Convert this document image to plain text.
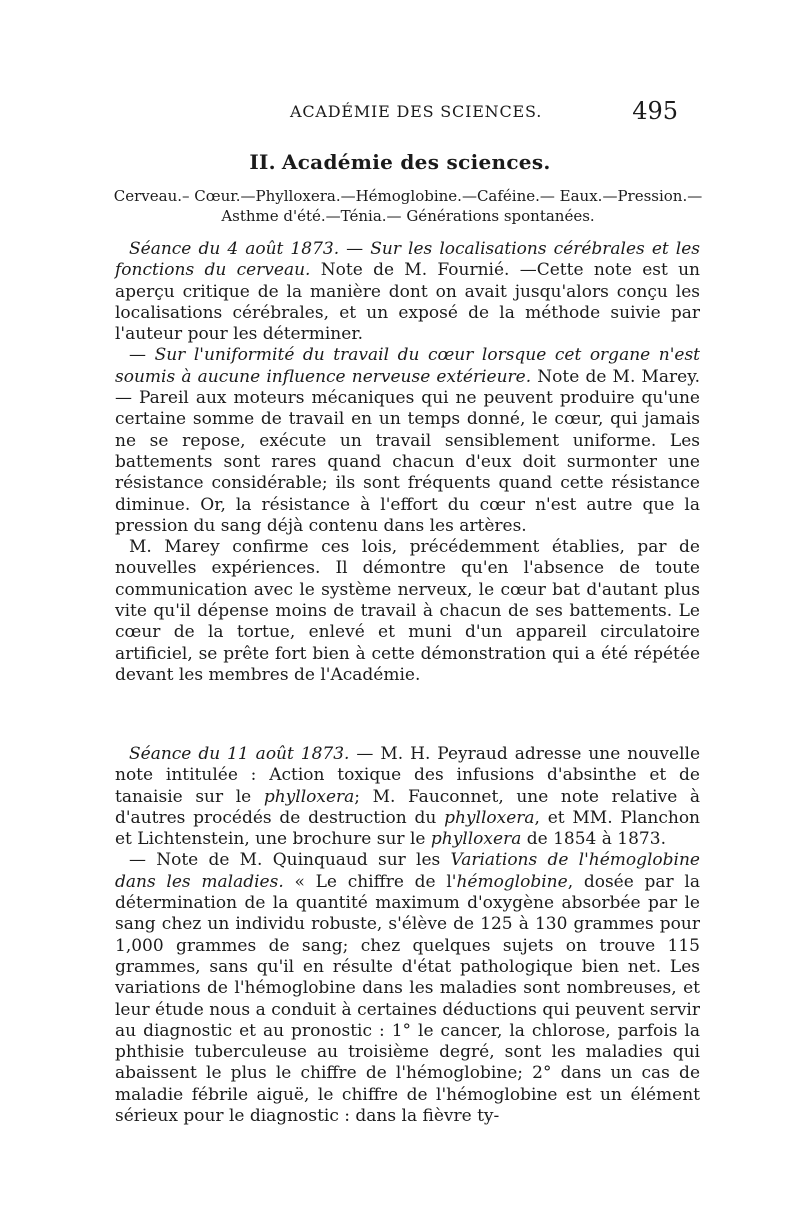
ACADÉMIE DES SCIENCES.	495
II. Académie des sciences.
Cerveau.– Cœur.—Phylloxera.—Hémoglobine.—Caféine.— Eaux.—Pression.—
Asthme d'été.—Ténia.— Générations spontanées.

Séance du 4 août 1873. — Sur les localisations cérébrales et les fonctions du cerveau. Note de M. Fournié. —Cette note est un aperçu critique de la manière dont on avait jusqu'alors conçu les localisations cérébrales, et un exposé de la méthode suivie par l'auteur pour les déterminer.

— Sur l'uniformité du travail du cœur lorsque cet organe n'est soumis à aucune influence nerveuse extérieure. Note de M. Marey. — Pareil aux moteurs mécaniques qui ne peuvent produire qu'une certaine somme de travail en un temps donné, le cœur, qui jamais ne se repose, exécute un travail sensiblement uniforme. Les battements sont rares quand chacun d'eux doit surmonter une résistance considérable; ils sont fréquents quand cette résistance diminue. Or, la résistance à l'effort du cœur n'est autre que la pression du sang déjà contenu dans les artères.

M. Marey confirme ces lois, précédemment établies, par de nouvelles expériences. Il démontre qu'en l'absence de toute communication avec le système nerveux, le cœur bat d'autant plus vite qu'il dépense moins de travail à chacun de ses battements. Le cœur de la tortue, enlevé et muni d'un appareil circulatoire artificiel, se prête fort bien à cette démonstration qui a été répétée devant les membres de l'Académie.

Séance du 11 août 1873. — M. H. Peyraud adresse une nouvelle note intitulée : Action toxique des infusions d'absinthe et de tanaisie sur le phylloxera; M. Fauconnet, une note relative à d'autres procédés de destruction du phylloxera, et MM. Planchon et Lichtenstein, une brochure sur le phylloxera de 1854 à 1873.

— Note de M. Quinquaud sur les Variations de l'hémoglobine dans les maladies. « Le chiffre de l'hémoglobine, dosée par la détermination de la quantité maximum d'oxygène absorbée par le sang chez un individu robuste, s'élève de 125 à 130 grammes pour 1,000 grammes de sang; chez quelques sujets on trouve 115 grammes, sans qu'il en résulte d'état pathologique bien net. Les variations de l'hémoglobine dans les maladies sont nombreuses, et leur étude nous a conduit à certaines déductions qui peuvent servir au diagnostic et au pronostic : 1° le cancer, la chlorose, parfois la phthisie tuberculeuse au troisième degré, sont les maladies qui abaissent le plus le chiffre de l'hémoglobine; 2° dans un cas de maladie fébrile aiguë, le chiffre de l'hémoglobine est un élément sérieux pour le diagnostic : dans la fièvre ty-
